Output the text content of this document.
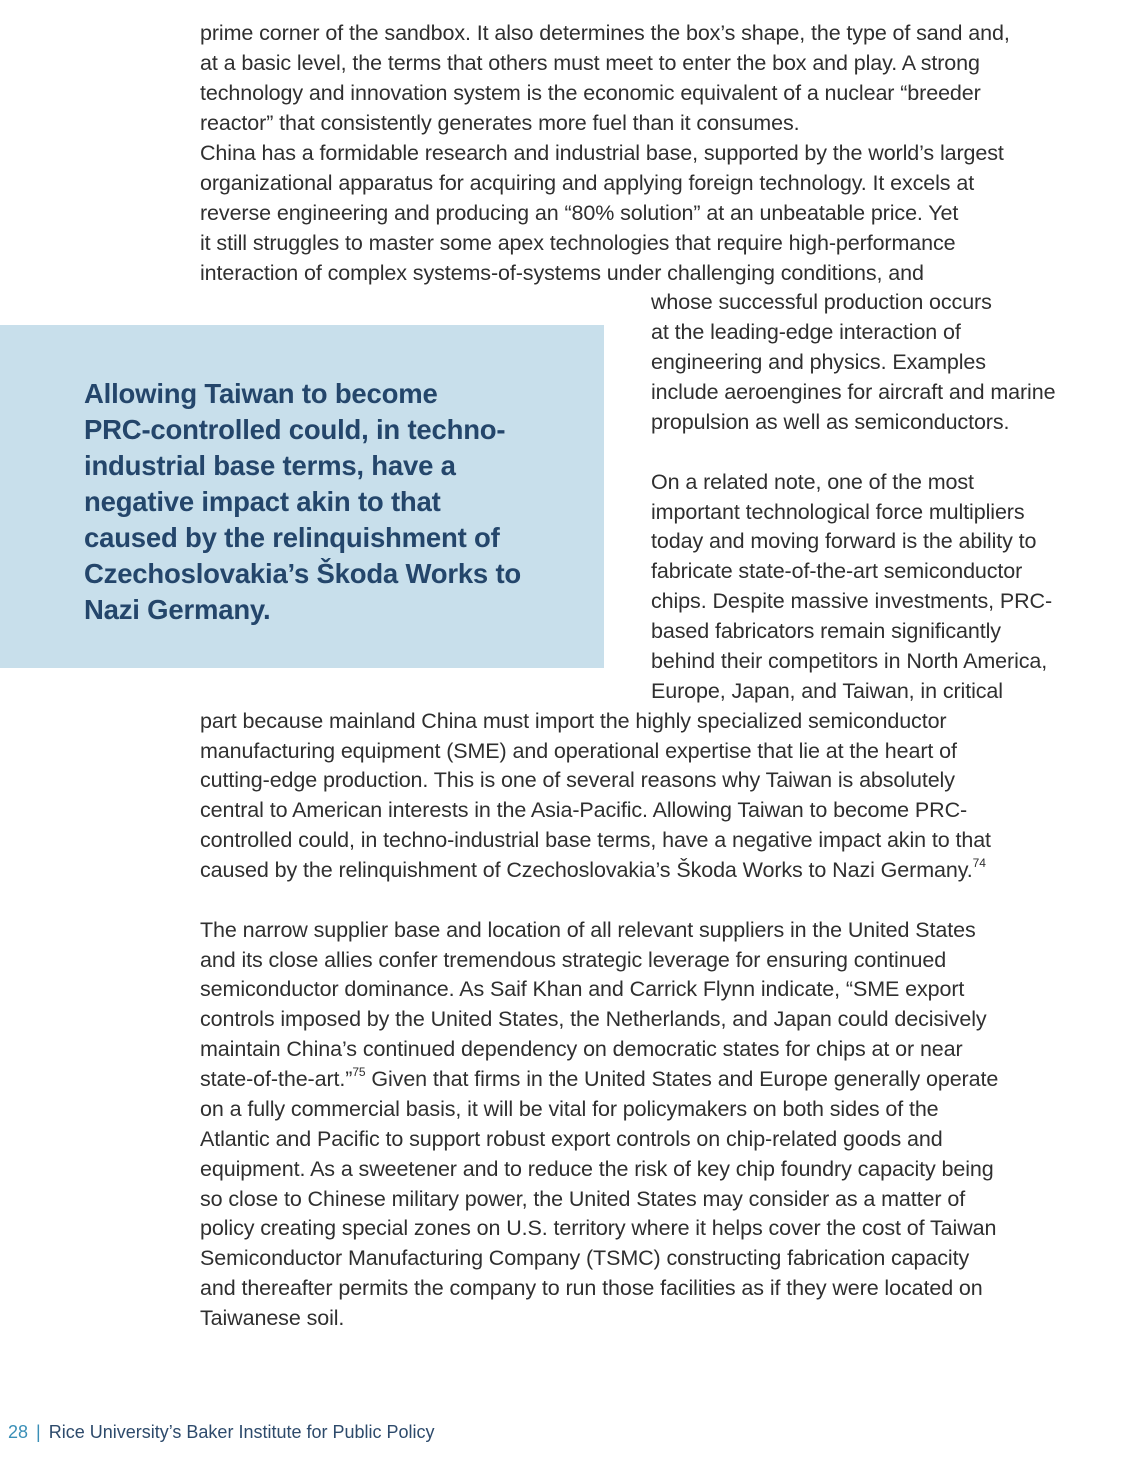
prime corner of the sandbox. It also determines the box’s shape, the type of sand and,
at a basic level, the terms that others must meet to enter the box and play. A strong
technology and innovation system is the economic equivalent of a nuclear “breeder
reactor” that consistently generates more fuel than it consumes.
China has a formidable research and industrial base, supported by the world’s largest
organizational apparatus for acquiring and applying foreign technology. It excels at
reverse engineering and producing an “80% solution” at an unbeatable price. Yet
it still struggles to master some apex technologies that require high-performance
interaction of complex systems-of-systems under challenging conditions, and
whose successful production occurs
at the leading-edge interaction of
engineering and physics. Examples
include aeroengines for aircraft and marine
propulsion as well as semiconductors.
On a related note, one of the most
important technological force multipliers
today and moving forward is the ability to
fabricate state-of-the-art semiconductor
chips. Despite massive investments, PRC-
based fabricators remain significantly
behind their competitors in North America,
Europe, Japan, and Taiwan, in critical
part because mainland China must import the highly specialized semiconductor
manufacturing equipment (SME) and operational expertise that lie at the heart of
cutting-edge production. This is one of several reasons why Taiwan is absolutely
central to American interests in the Asia-Pacific. Allowing Taiwan to become PRC-
controlled could, in techno-industrial base terms, have a negative impact akin to that
caused by the relinquishment of Czechoslovakia’s Škoda Works to Nazi Germany.$^{74}$
The narrow supplier base and location of all relevant suppliers in the United States
and its close allies confer tremendous strategic leverage for ensuring continued
semiconductor dominance. As Saif Khan and Carrick Flynn indicate, “SME export
controls imposed by the United States, the Netherlands, and Japan could decisively
maintain China’s continued dependency on democratic states for chips at or near
state-of-the-art.”$^{75}$ Given that firms in the United States and Europe generally operate
on a fully commercial basis, it will be vital for policymakers on both sides of the
Atlantic and Pacific to support robust export controls on chip-related goods and
equipment. As a sweetener and to reduce the risk of key chip foundry capacity being
so close to Chinese military power, the United States may consider as a matter of
policy creating special zones on U.S. territory where it helps cover the cost of Taiwan
Semiconductor Manufacturing Company (TSMC) constructing fabrication capacity
and thereafter permits the company to run those facilities as if they were located on
Taiwanese soil.
Allowing Taiwan to become
PRC-controlled could, in techno-
industrial base terms, have a
negative impact akin to that
caused by the relinquishment of
Czechoslovakia’s Škoda Works to
Nazi Germany.
28 | Rice University’s Baker Institute for Public Policy
